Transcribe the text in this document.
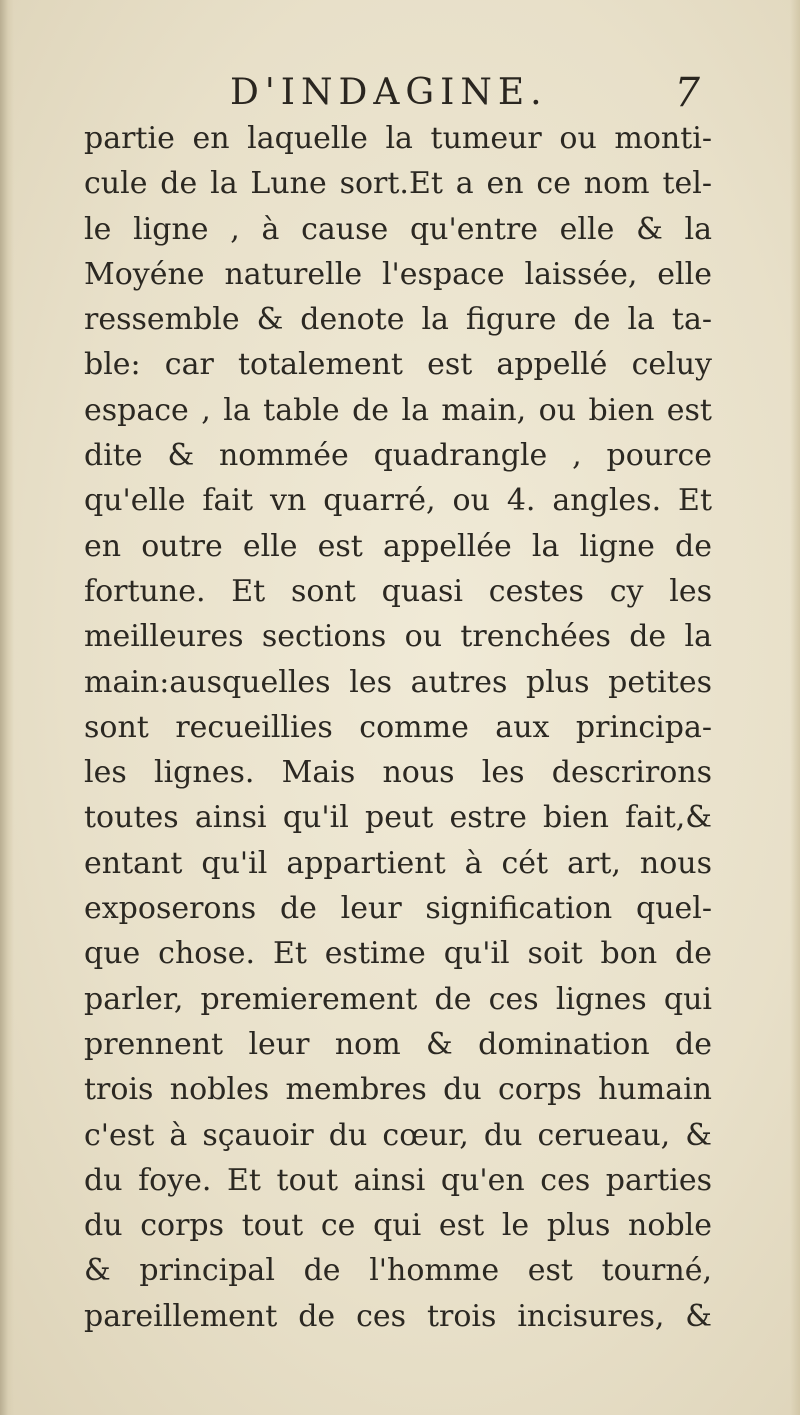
D'INDAGINE.	7
partie en laquelle la tumeur ou monti-
cule de la Lune sort.Et a en ce nom tel-
le ligne , à cause qu'entre elle & la
Moyéne naturelle l'espace laissée, elle
ressemble & denote la figure de la ta-
ble: car totalement est appellé celuy
espace , la table de la main, ou bien est
dite & nommée quadrangle , pource
qu'elle fait vn quarré, ou 4. angles. Et
en outre elle est appellée la ligne de
fortune. Et sont quasi cestes cy les
meilleures sections ou trenchées de la
main:ausquelles les autres plus petites
sont recueillies comme aux principa-
les lignes. Mais nous les descrirons
toutes ainsi qu'il peut estre bien fait,&
entant qu'il appartient à cét art, nous
exposerons de leur signification quel-
que chose. Et estime qu'il soit bon de
parler, premierement de ces lignes qui
prennent leur nom & domination de
trois nobles membres du corps humain
c'est à sçauoir du cœur, du cerueau, &
du foye. Et tout ainsi qu'en ces parties
du corps tout ce qui est le plus noble
& principal de l'homme est tourné,
pareillement de ces trois incisures, &
